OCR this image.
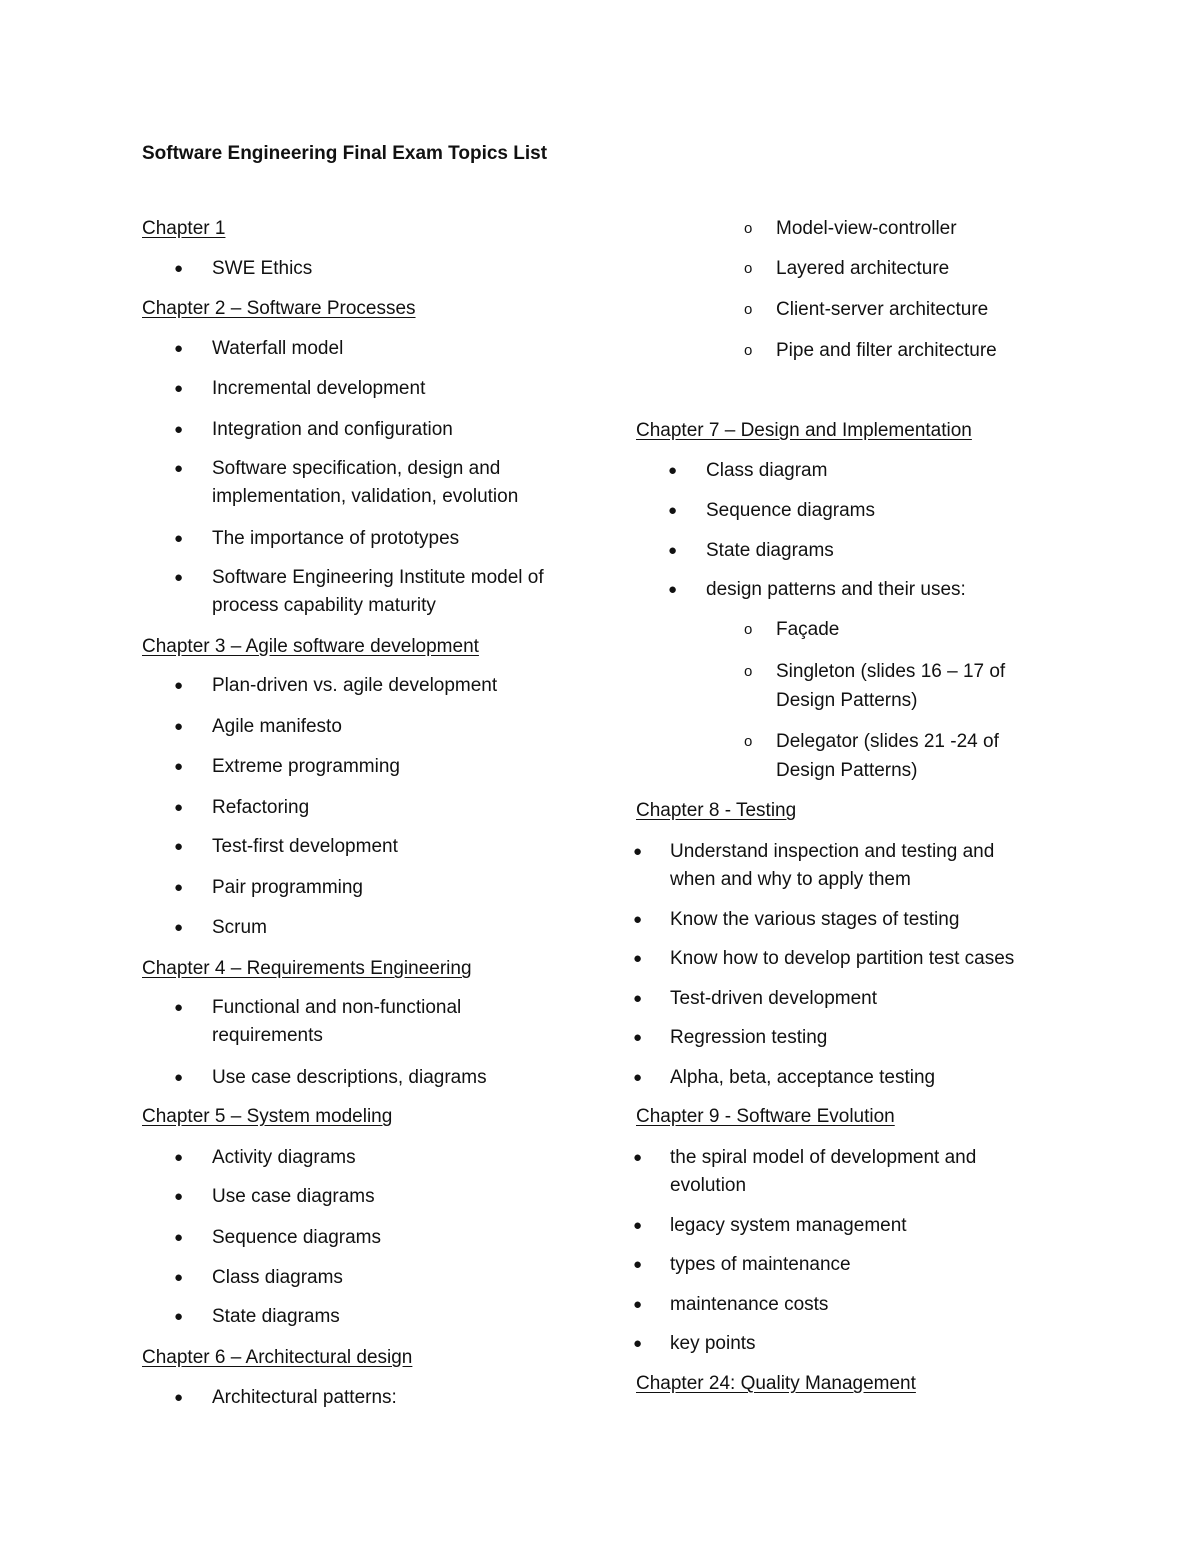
Software Engineering Final Exam Topics List
Chapter 1
● SWE Ethics
Chapter 2 – Software Processes
● Waterfall model
● Incremental development
● Integration and configuration
● Software specification, design and
implementation, validation, evolution
● The importance of prototypes
● Software Engineering Institute model of
process capability maturity
Chapter 3 – Agile software development
● Plan-driven vs. agile development
● Agile manifesto
● Extreme programming
● Refactoring
● Test-first development
● Pair programming
● Scrum
Chapter 4 – Requirements Engineering
● Functional and non-functional
requirements
● Use case descriptions, diagrams
Chapter 5 – System modeling
● Activity diagrams
● Use case diagrams
● Sequence diagrams
● Class diagrams
● State diagrams
Chapter 6 – Architectural design
● Architectural patterns:
o Model-view-controller
o Layered architecture
o Client-server architecture
o Pipe and filter architecture
Chapter 7 – Design and Implementation
● Class diagram
● Sequence diagrams
● State diagrams
● design patterns and their uses:
o Façade
o Singleton (slides 16 – 17 of
Design Patterns)
o Delegator (slides 21 -24 of
Design Patterns)
Chapter 8 - Testing
● Understand inspection and testing and
when and why to apply them
● Know the various stages of testing
● Know how to develop partition test cases
● Test-driven development
● Regression testing
● Alpha, beta, acceptance testing
Chapter 9 - Software Evolution
● the spiral model of development and
evolution
● legacy system management
● types of maintenance
● maintenance costs
● key points
Chapter 24: Quality Management
